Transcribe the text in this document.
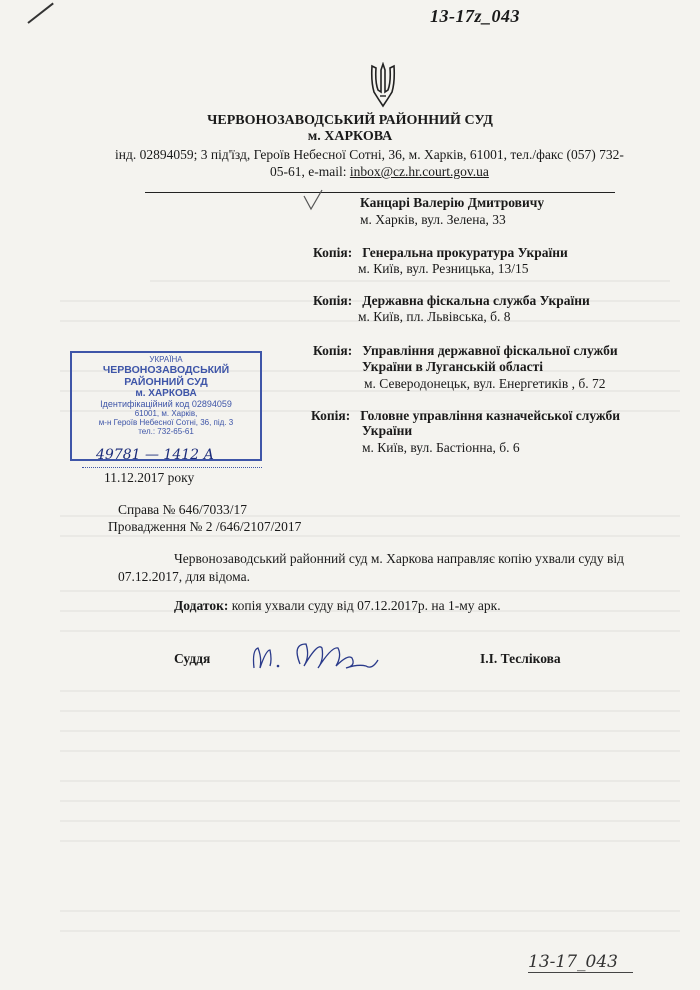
13-17z_043
ЧЕРВОНОЗАВОДСЬКИЙ РАЙОННИЙ СУД
м. ХАРКОВА
інд. 02894059; 3 під'їзд, Героїв Небесної Сотні, 36, м. Харків, 61001, тел./факс (057) 732-
05-61, e-mail: inbox@cz.hr.court.gov.ua
Канцарі Валерію Дмитровичу
м. Харків, вул. Зелена, 33
Копія: Генеральна прокуратура України
м. Київ, вул. Резницька, 13/15
Копія: Державна фіскальна служба України
м. Київ, пл. Львівська, б. 8
Копія: Управління державної фіскальної служби
України в Луганській області
м. Северодонецьк, вул. Енергетиків , б. 72
Копія: Головне управління казначейської служби
України
м. Київ, вул. Бастіонна, б. 6
УКРАЇНА
ЧЕРВОНОЗАВОДСЬКИЙ РАЙОННИЙ СУД
м. ХАРКОВА
Ідентифікаційний код 02894059
61001, м. Харків,
м-н Героїв Небесної Сотні, 36, під. 3
тел.: 732-65-61
49781 — 1412 А
11.12.2017 року
Справа № 646/7033/17
Провадження № 2 /646/2107/2017
Червонозаводський районний суд м. Харкова направляє копію ухвали суду від 07.12.2017, для відома.
Додаток: копія ухвали суду від 07.12.2017р. на 1-му арк.
Суддя	І.І. Теслікова
13-17_043
